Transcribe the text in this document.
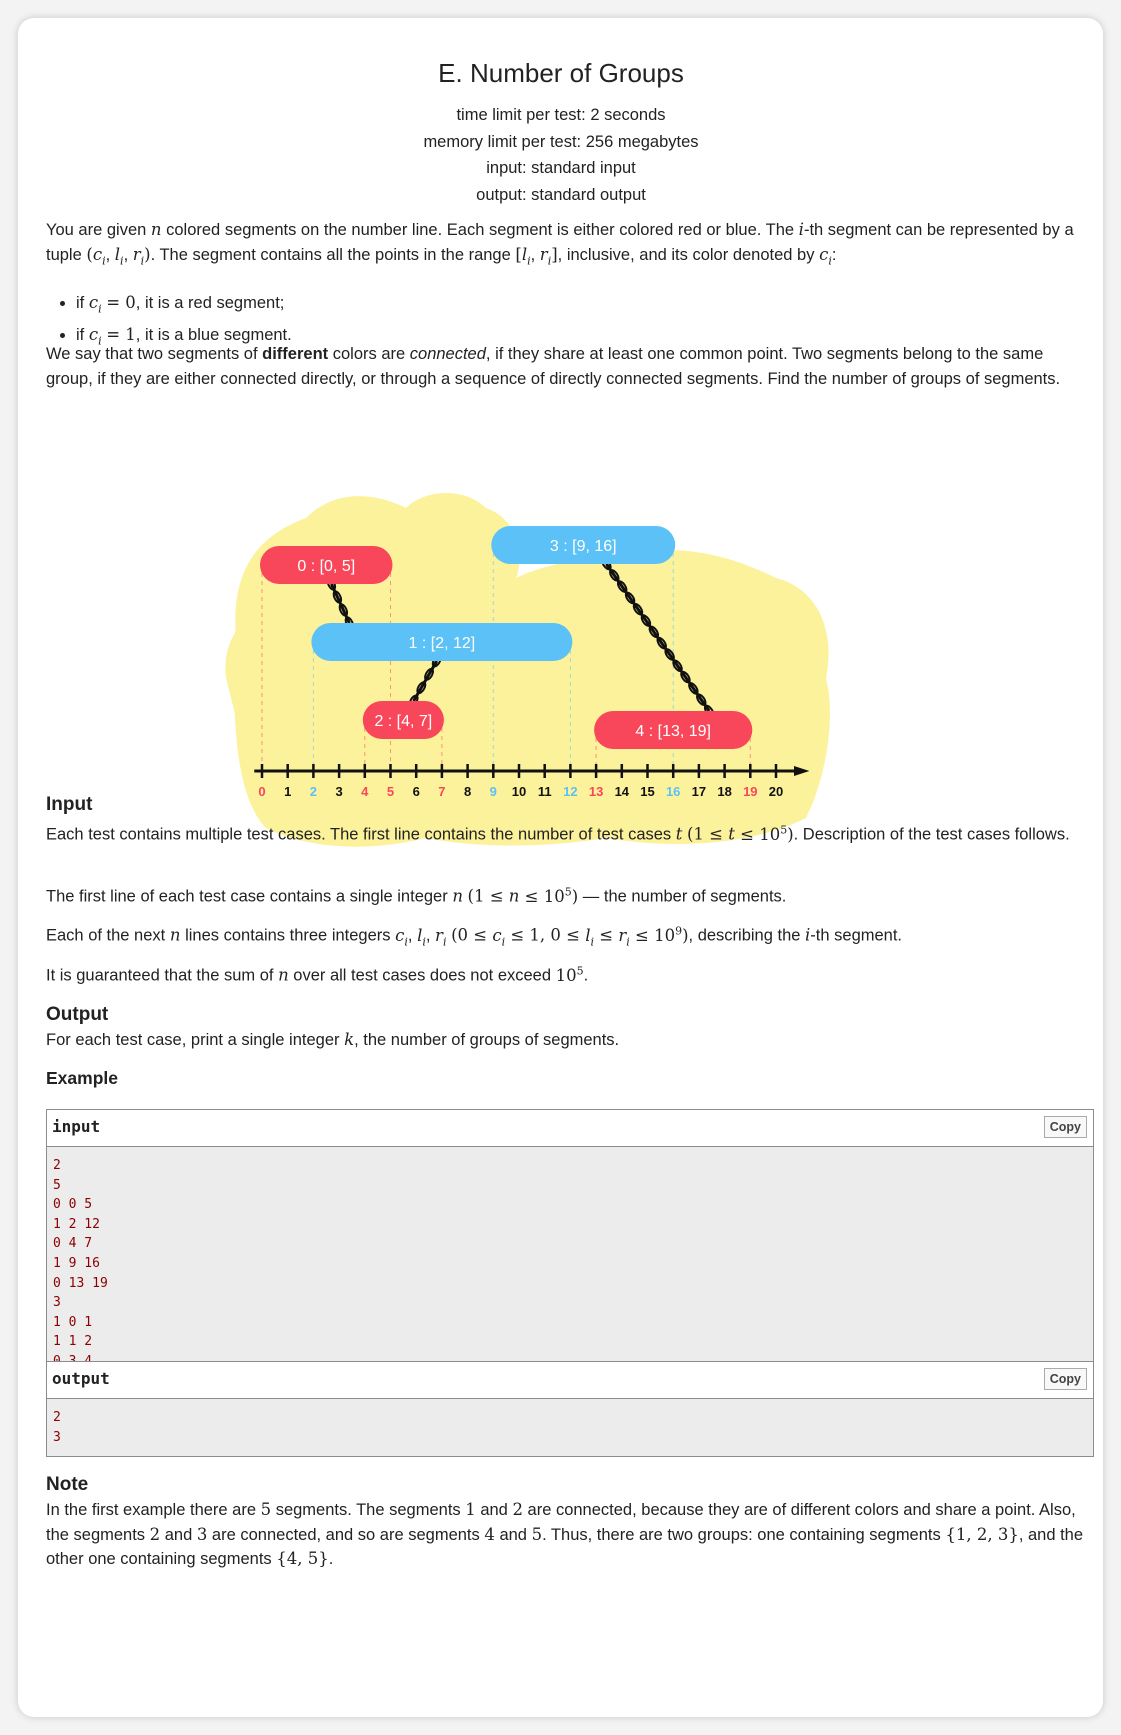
E. Number of Groups
time limit per test: 2 seconds
memory limit per test: 256 megabytes
input: standard input
output: standard output
You are given n colored segments on the number line. Each segment is either colored red or blue. The i-th segment can be represented by a tuple ($c_i$, $l_i$, $r_i$). The segment contains all the points in the range [$l_i$, $r_i$], inclusive, and its color denoted by $c_i$:
• if $c_i = 0$, it is a red segment;
• if $c_i = 1$, it is a blue segment.
We say that two segments of different colors are connected, if they share at least one common point. Two segments belong to the same group, if they are either connected directly, or through a sequence of directly connected segments. Find the number of groups of segments.
0 : [0, 5]
1 : [2, 12]
2 : [4, 7]
3 : [9, 16]
4 : [13, 19]
0 1 2 3 4 5 6 7 8 9 10 11 12 13 14 15 16 17 18 19 20
Input
Each test contains multiple test cases. The first line contains the number of test cases t $(1 \le t \le 10^5)$. Description of the test cases follows.
The first line of each test case contains a single integer n $(1 \le n \le 10^5)$ — the number of segments.
Each of the next n lines contains three integers $c_i$, $l_i$, $r_i$ ($0 \le c_i \le 1$, $0 \le l_i \le r_i \le 10^9$), describing the i-th segment.
It is guaranteed that the sum of n over all test cases does not exceed $10^5$.
Output
For each test case, print a single integer k, the number of groups of segments.
Example
input	Copy
2
5
0 0 5
1 2 12
0 4 7
1 9 16
0 13 19
3
1 0 1
1 1 2

output	Copy
2
3
Note
In the first example there are 5 segments. The segments 1 and 2 are connected, because they are of different colors and share a point. Also, the segments 2 and 3 are connected, and so are segments 4 and 5. Thus, there are two groups: one containing segments {1, 2, 3}, and the other one containing segments {4, 5}.
